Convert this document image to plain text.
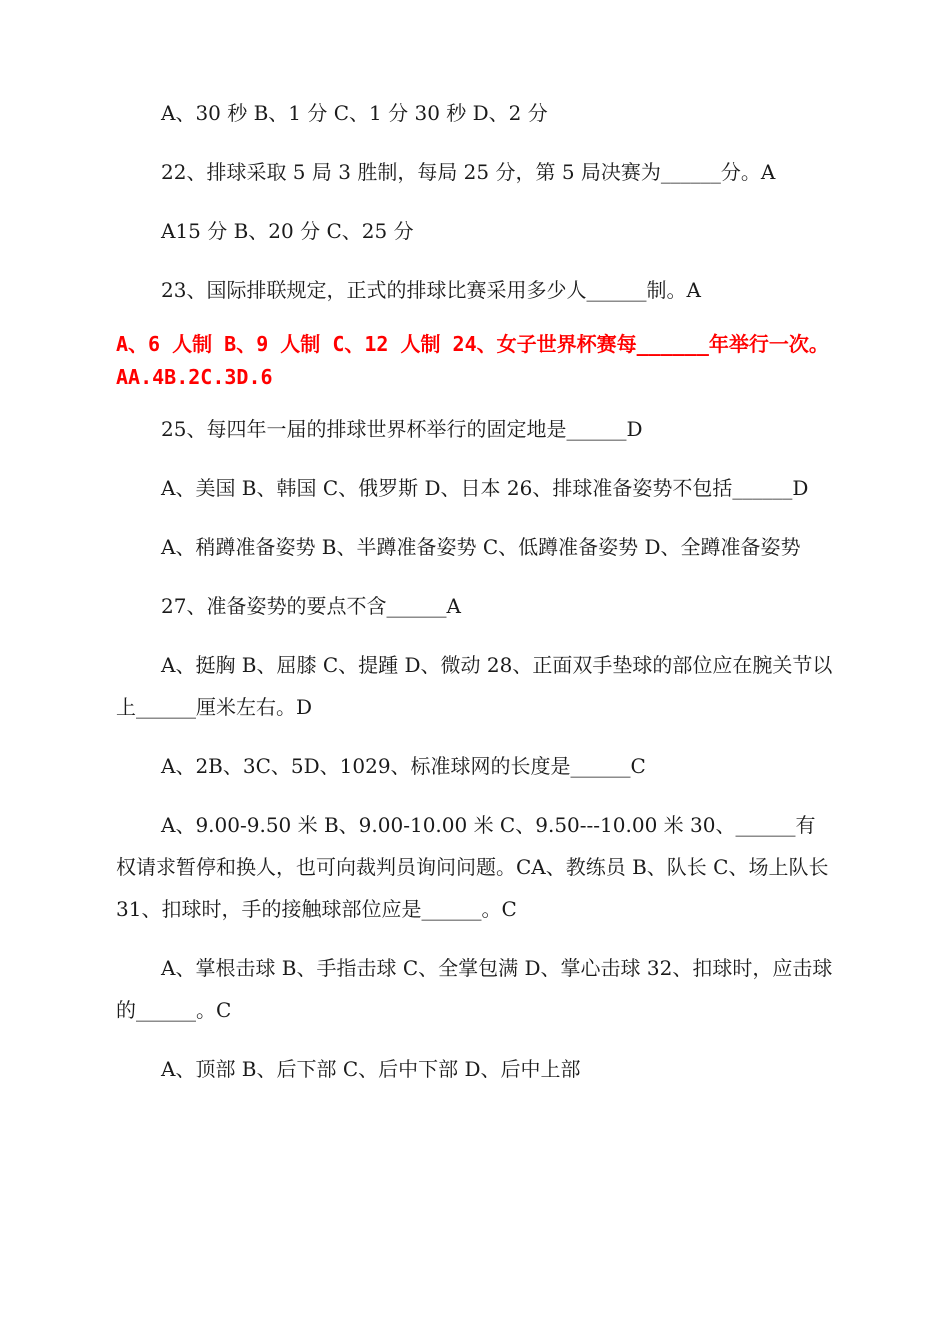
A、30 秒 B、1 分 C、1 分 30 秒 D、2 分

22、排球采取 5 局 3 胜制，每局 25 分，第 5 局决赛为______分。A

A15 分 B、20 分 C、25 分

23、国际排联规定，正式的排球比赛采用多少人______制。A

A、6 人制 B、9 人制 C、12 人制 24、女子世界杯赛每______年举行一次。AA.4B.2C.3D.6

25、每四年一届的排球世界杯举行的固定地是______D

A、美国 B、韩国 C、俄罗斯 D、日本 26、排球准备姿势不包括______D

A、稍蹲准备姿势 B、半蹲准备姿势 C、低蹲准备姿势 D、全蹲准备姿势

27、准备姿势的要点不含______A

A、挺胸 B、屈膝 C、提踵 D、微动 28、正面双手垫球的部位应在腕关节以上______厘米左右。D

A、2B、3C、5D、1029、标准球网的长度是______C

A、9.00-9.50 米 B、9.00-10.00 米 C、9.50---10.00 米 30、______有权请求暂停和换人，也可向裁判员询问问题。CA、教练员 B、队长 C、场上队长 31、扣球时，手的接触球部位应是______。C

A、掌根击球 B、手指击球 C、全掌包满 D、掌心击球 32、扣球时，应击球的______。C

A、顶部 B、后下部 C、后中下部 D、后中上部
